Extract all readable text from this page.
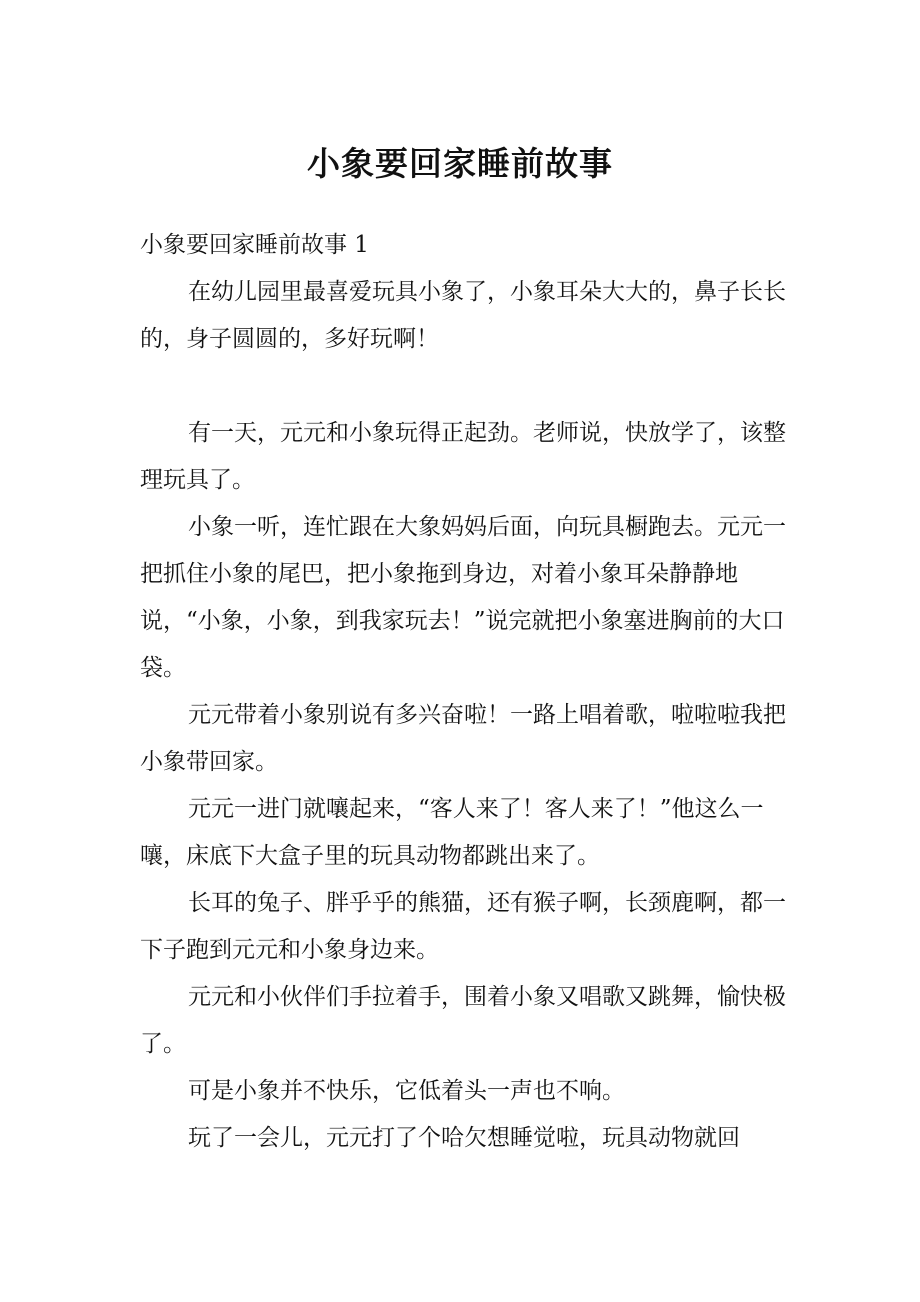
小象要回家睡前故事

小象要回家睡前故事 1

在幼儿园里最喜爱玩具小象了，小象耳朵大大的，鼻子长长的，身子圆圆的，多好玩啊！

有一天，元元和小象玩得正起劲。老师说，快放学了，该整理玩具了。

小象一听，连忙跟在大象妈妈后面，向玩具橱跑去。元元一把抓住小象的尾巴，把小象拖到身边，对着小象耳朵静静地说，“小象，小象，到我家玩去！”说完就把小象塞进胸前的大口袋。

元元带着小象别说有多兴奋啦！一路上唱着歌，啦啦啦我把小象带回家。

元元一进门就嚷起来，“客人来了！客人来了！”他这么一嚷，床底下大盒子里的玩具动物都跳出来了。

长耳的兔子、胖乎乎的熊猫，还有猴子啊，长颈鹿啊，都一下子跑到元元和小象身边来。

元元和小伙伴们手拉着手，围着小象又唱歌又跳舞，愉快极了。

可是小象并不快乐，它低着头一声也不响。

玩了一会儿，元元打了个哈欠想睡觉啦，玩具动物就回
